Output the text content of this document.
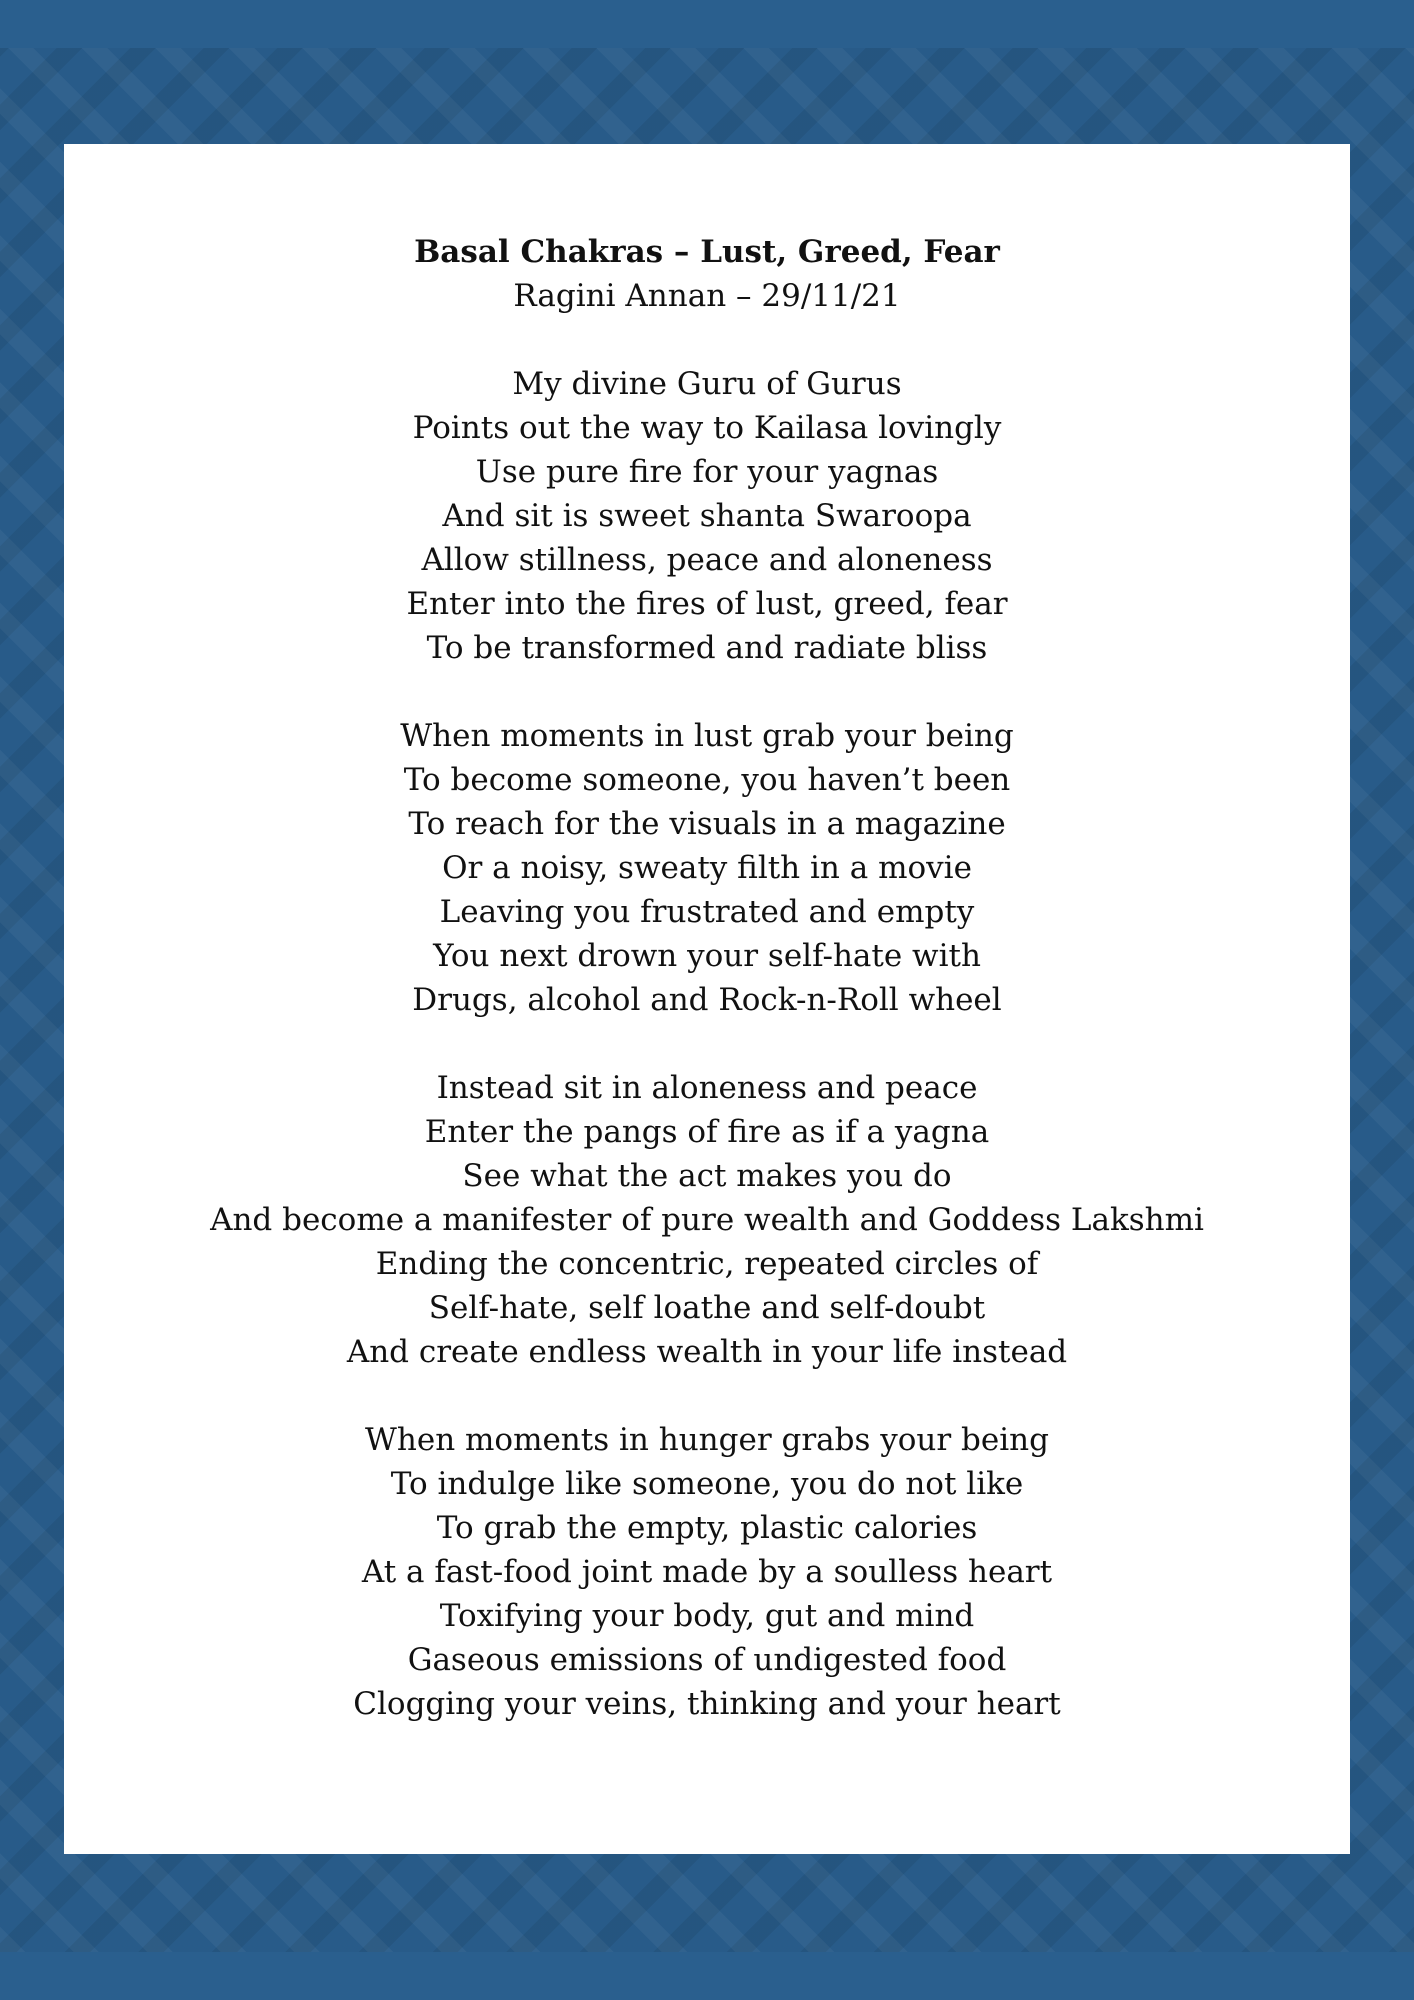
Basal Chakras – Lust, Greed, Fear
Ragini Annan – 29/11/21
My divine Guru of Gurus
Points out the way to Kailasa lovingly
Use pure fire for your yagnas
And sit is sweet shanta Swaroopa
Allow stillness, peace and aloneness
Enter into the fires of lust, greed, fear
To be transformed and radiate bliss
When moments in lust grab your being
To become someone, you haven’t been
To reach for the visuals in a magazine
Or a noisy, sweaty filth in a movie
Leaving you frustrated and empty
You next drown your self-hate with
Drugs, alcohol and Rock-n-Roll wheel
Instead sit in aloneness and peace
Enter the pangs of fire as if a yagna
See what the act makes you do
And become a manifester of pure wealth and Goddess Lakshmi
Ending the concentric, repeated circles of
Self-hate, self loathe and self-doubt
And create endless wealth in your life instead
When moments in hunger grabs your being
To indulge like someone, you do not like
To grab the empty, plastic calories
At a fast-food joint made by a soulless heart
Toxifying your body, gut and mind
Gaseous emissions of undigested food
Clogging your veins, thinking and your heart
